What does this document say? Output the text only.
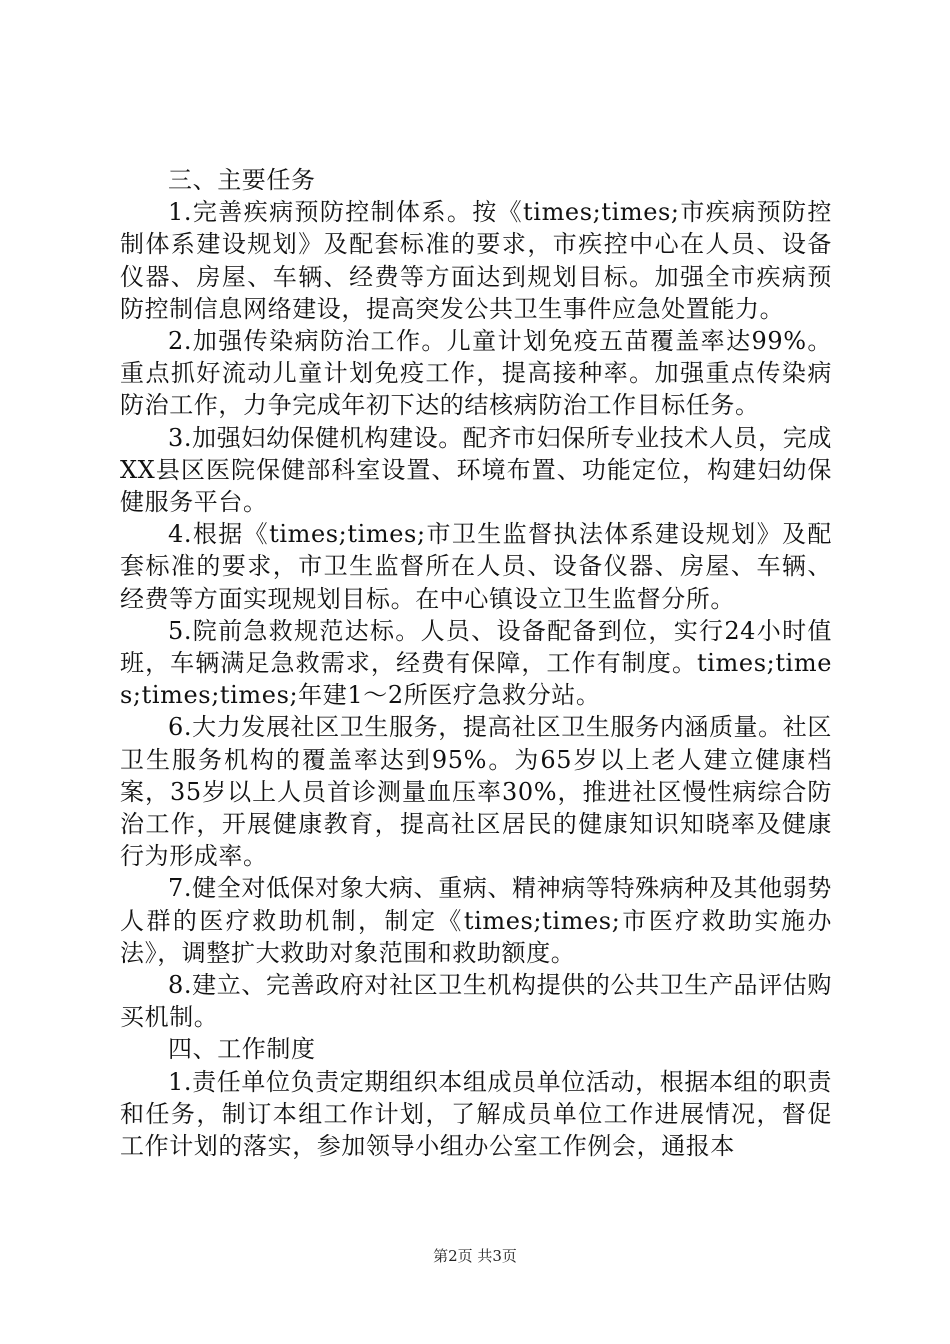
三、主要任务

1.完善疾病预防控制体系。按《times;times;市疾病预防控制体系建设规划》及配套标准的要求，市疾控中心在人员、设备仪器、房屋、车辆、经费等方面达到规划目标。加强全市疾病预防控制信息网络建设，提高突发公共卫生事件应急处置能力。

2.加强传染病防治工作。儿童计划免疫五苗覆盖率达99%。重点抓好流动儿童计划免疫工作，提高接种率。加强重点传染病防治工作，力争完成年初下达的结核病防治工作目标任务。

3.加强妇幼保健机构建设。配齐市妇保所专业技术人员，完成XX县区医院保健部科室设置、环境布置、功能定位，构建妇幼保健服务平台。

4.根据《times;times;市卫生监督执法体系建设规划》及配套标准的要求，市卫生监督所在人员、设备仪器、房屋、车辆、经费等方面实现规划目标。在中心镇设立卫生监督分所。

5.院前急救规范达标。人员、设备配备到位，实行24小时值班，车辆满足急救需求，经费有保障，工作有制度。times;times;times;times;年建1～2所医疗急救分站。

6.大力发展社区卫生服务，提高社区卫生服务内涵质量。社区卫生服务机构的覆盖率达到95%。为65岁以上老人建立健康档案，35岁以上人员首诊测量血压率30%，推进社区慢性病综合防治工作，开展健康教育，提高社区居民的健康知识知晓率及健康行为形成率。

7.健全对低保对象大病、重病、精神病等特殊病种及其他弱势人群的医疗救助机制，制定《times;times;市医疗救助实施办法》，调整扩大救助对象范围和救助额度。

8.建立、完善政府对社区卫生机构提供的公共卫生产品评估购买机制。

四、工作制度

1.责任单位负责定期组织本组成员单位活动，根据本组的职责和任务，制订本组工作计划，了解成员单位工作进展情况，督促工作计划的落实，参加领导小组办公室工作例会，通报本

第2页 共3页
